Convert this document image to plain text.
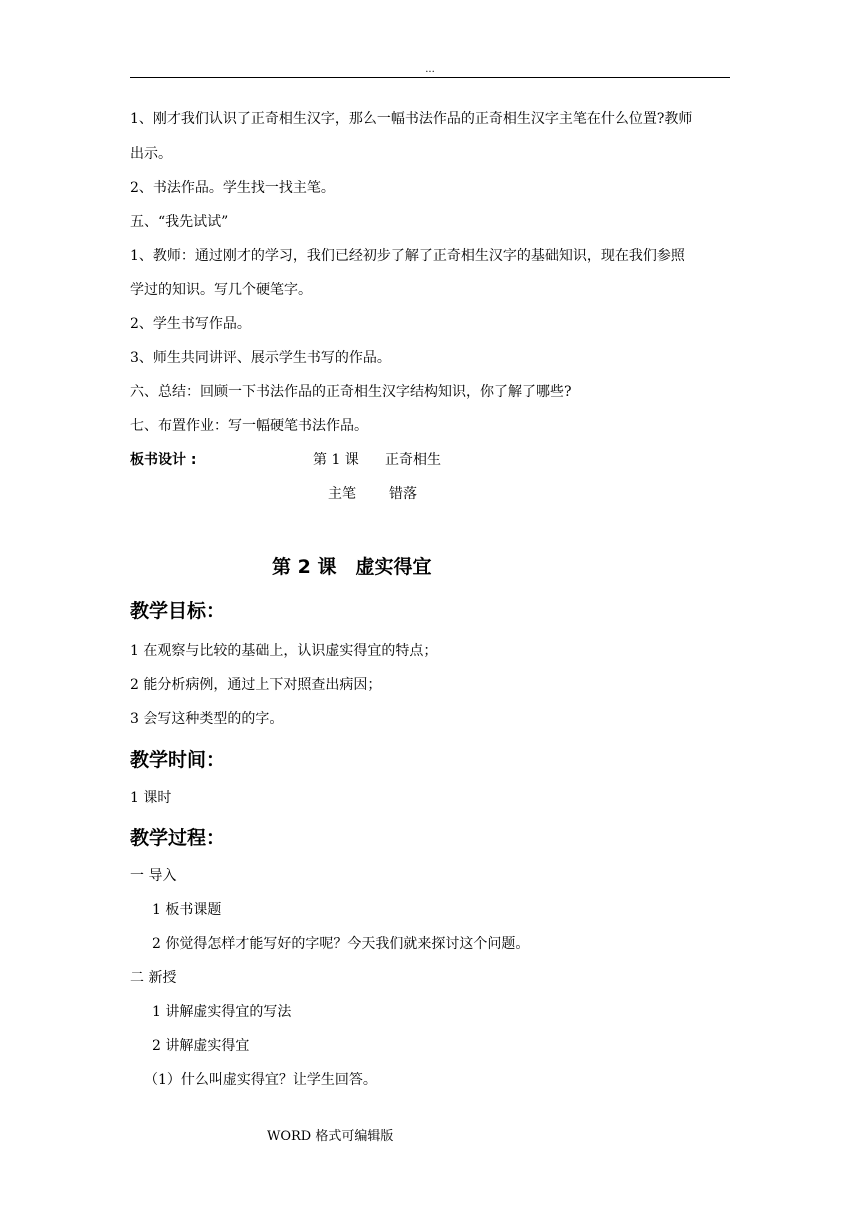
...
1、刚才我们认识了正奇相生汉字，那么一幅书法作品的正奇相生汉字主笔在什么位置?教师
出示。
2、书法作品。学生找一找主笔。
五、“我先试试”
1、教师：通过刚才的学习，我们已经初步了解了正奇相生汉字的基础知识，现在我们参照
学过的知识。写几个硬笔字。
2、学生书写作品。
3、师生共同讲评、展示学生书写的作品。
六、总结：回顾一下书法作品的正奇相生汉字结构知识，你了解了哪些?
七、布置作业：写一幅硬笔书法作品。
板书设计 :	第 1 课 正奇相生
主笔 错落
第 2 课　虚实得宜
教学目标：
1 在观察与比较的基础上，认识虚实得宜的特点；
2 能分析病例，通过上下对照查出病因；
3 会写这种类型的的字。
教学时间：
1 课时
教学过程：
一 导入
1 板书课题
2 你觉得怎样才能写好的字呢？今天我们就来探讨这个问题。
二 新授
1 讲解虚实得宜的写法
2 讲解虚实得宜
（1）什么叫虚实得宜？让学生回答。
WORD 格式可编辑版
